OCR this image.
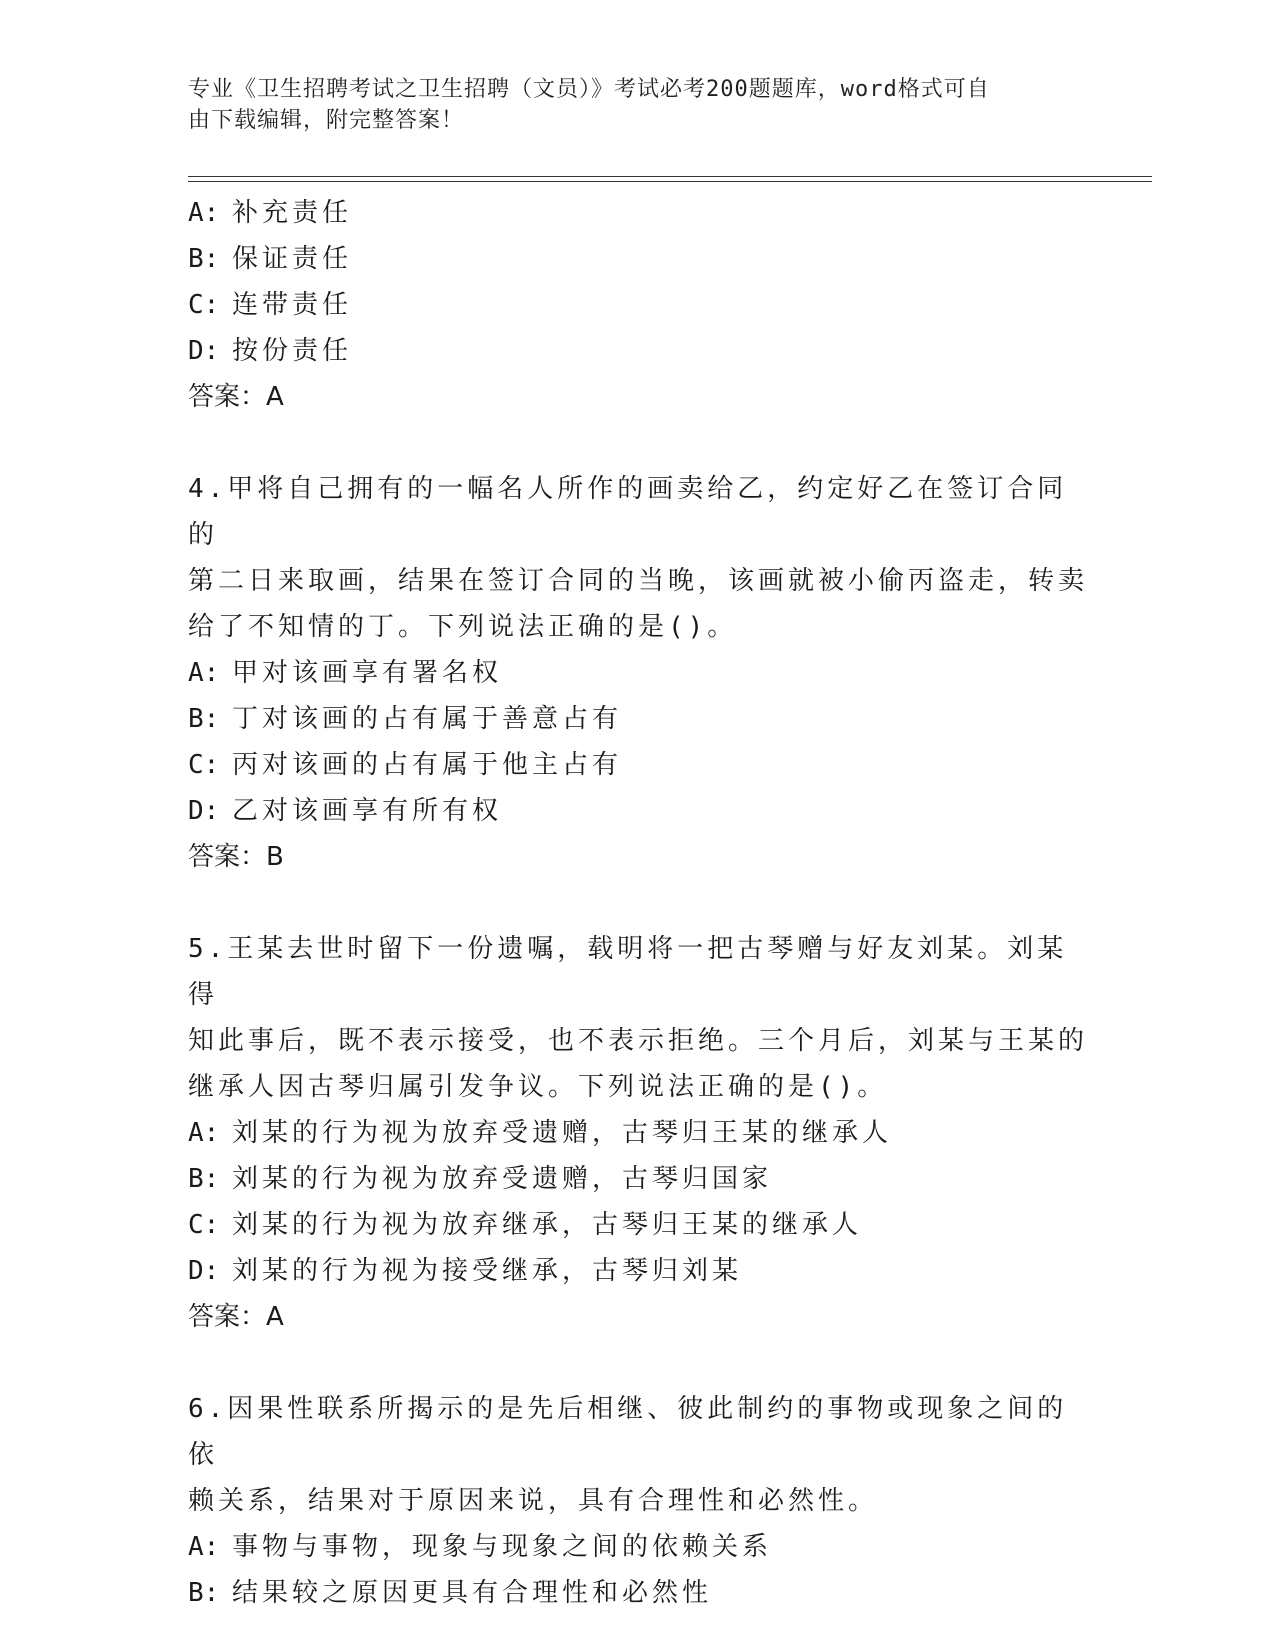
专业《卫生招聘考试之卫生招聘（文员）》考试必考200题题库，word格式可自
由下载编辑，附完整答案！

A: 补充责任

B: 保证责任

C: 连带责任

D: 按份责任

答案：A

4.甲将自己拥有的一幅名人所作的画卖给乙，约定好乙在签订合同的

第二日来取画，结果在签订合同的当晚，该画就被小偷丙盗走，转卖

给了不知情的丁。下列说法正确的是()。

A: 甲对该画享有署名权

B: 丁对该画的占有属于善意占有

C: 丙对该画的占有属于他主占有

D: 乙对该画享有所有权

答案：B

5.王某去世时留下一份遗嘱，载明将一把古琴赠与好友刘某。刘某得

知此事后，既不表示接受，也不表示拒绝。三个月后，刘某与王某的

继承人因古琴归属引发争议。下列说法正确的是()。

A: 刘某的行为视为放弃受遗赠，古琴归王某的继承人

B: 刘某的行为视为放弃受遗赠，古琴归国家

C: 刘某的行为视为放弃继承，古琴归王某的继承人

D: 刘某的行为视为接受继承，古琴归刘某

答案：A

6.因果性联系所揭示的是先后相继、彼此制约的事物或现象之间的依

赖关系，结果对于原因来说，具有合理性和必然性。

A: 事物与事物，现象与现象之间的依赖关系

B: 结果较之原因更具有合理性和必然性
